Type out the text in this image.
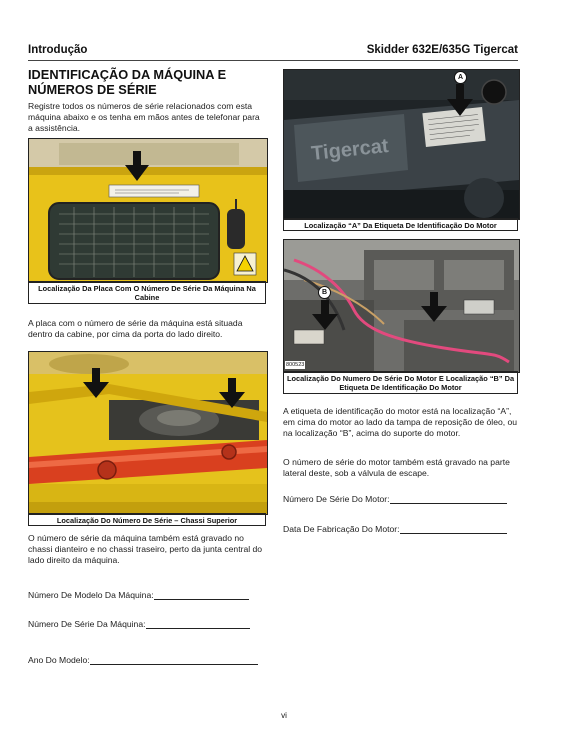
Introdução	Skidder 632E/635G Tigercat
IDENTIFICAÇÃO DA MÁQUINA E NÚMEROS DE SÉRIE
Registre todos os números de série relacionados com esta máquina abaixo e os tenha em mãos antes de telefonar para a assistência.
Localização Da Placa Com O Número De Série Da Máquina Na Cabine
A placa com o número de série da máquina está situada dentro da cabine, por cima da porta do lado direito.
Localização Do Número De Série – Chassi Superior
O número de série da máquina também está gravado no chassi dianteiro e no chassi traseiro, perto da junta central do lado direito da máquina.
Número De Modelo Da Máquina:
Número De Série Da Máquina:
Ano Do Modelo:
Tigercat
A
Localização “A” Da Etiqueta De Identificação Do Motor
B
800523
Localização Do Numero De Série Do Motor E Localização “B” Da Etiqueta De Identificação Do Motor
A etiqueta de identificação do motor está na localização “A”, em cima do motor ao lado da tampa de reposição de óleo, ou na localização “B”, acima do suporte do motor.
O número de série do motor também está gravado na parte lateral deste, sob a válvula de escape.
Número De Série Do Motor:
Data De Fabricação Do Motor:
vi
